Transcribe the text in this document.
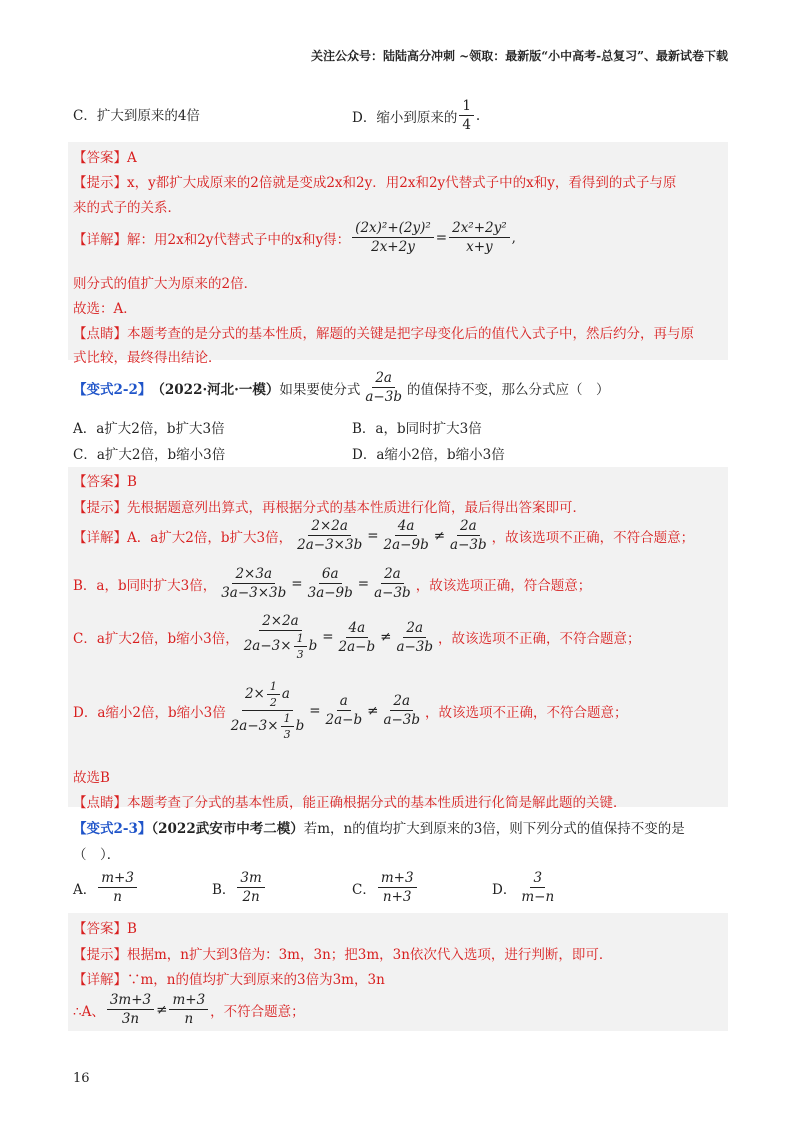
关注公众号：陆陆高分冲刺 ~领取：最新版“小中高考-总复习”、最新试卷下载
C．扩大到原来的4倍	D．缩小到原来的 $\frac{1}{4}$ .
【答案】A
【提示】x，y都扩大成原来的2倍就是变成2x和2y．用2x和2y代替式子中的x和y，看得到的式子与原
来的式子的关系．
【详解】解：用2x和2y代替式子中的x和y得： $\frac{\text{(2x)²+(2y)²}}{2x+2y} = \frac{\text{2x²+2y²}}{x+y}$ ,
则分式的值扩大为原来的2倍．
故选：A．
【点睛】本题考查的是分式的基本性质，解题的关键是把字母变化后的值代入式子中，然后约分，再与原
式比较，最终得出结论．
【变式2-2】 （2022·河北·一模） 如果要使分式 $\frac{2a}{a-3b}$ 的值保持不变，那么分式应（　）
A．a扩大2倍，b扩大3倍	B．a，b同时扩大3倍
C．a扩大2倍，b缩小3倍	D．a缩小2倍，b缩小3倍
【答案】B
【提示】先根据题意列出算式，再根据分式的基本性质进行化简，最后得出答案即可．
【详解】A．a扩大2倍，b扩大3倍， $\frac{2\times 2a}{2a-3\times 3b} = \frac{4a}{2a-9b} \ne \frac{2a}{a-3b}$ ，故该选项不正确，不符合题意；
B．a，b同时扩大3倍， $\frac{2\times 3a}{3a-3\times 3b} = \frac{6a}{3a-9b} = \frac{2a}{a-3b}$ ，故该选项正确，符合题意；
C．a扩大2倍，b缩小3倍， $\frac{2\times 2a}{2a-3\times \frac{1}{3} b} = \frac{4a}{2a-b} \ne \frac{2a}{a-3b}$ ，故该选项不正确，不符合题意；
D．a缩小2倍，b缩小3倍 $\frac{2\times \frac{1}{2} a}{2a-3\times \frac{1}{3} b} = \frac{a}{2a-b} \ne \frac{2a}{a-3b}$ ，故该选项不正确，不符合题意；
故选B
【点睛】本题考查了分式的基本性质，能正确根据分式的基本性质进行化简是解此题的关键．
【变式2-3】（2022武安市中考二模）若m，n的值均扩大到原来的3倍，则下列分式的值保持不变的是
（　）．
A． $\frac{m+3}{n}$	B． $\frac{3m}{2n}$	C． $\frac{m+3}{n+3}$	D． $\frac{3}{m-n}$
【答案】B
【提示】根据m，n扩大到3倍为：3m，3n；把3m，3n依次代入选项，进行判断，即可．
【详解】∵m，n的值均扩大到原来的3倍为3m，3n
∴A、 $\frac{3m+3}{3n} \ne \frac{m+3}{n}$ ，不符合题意；
16
